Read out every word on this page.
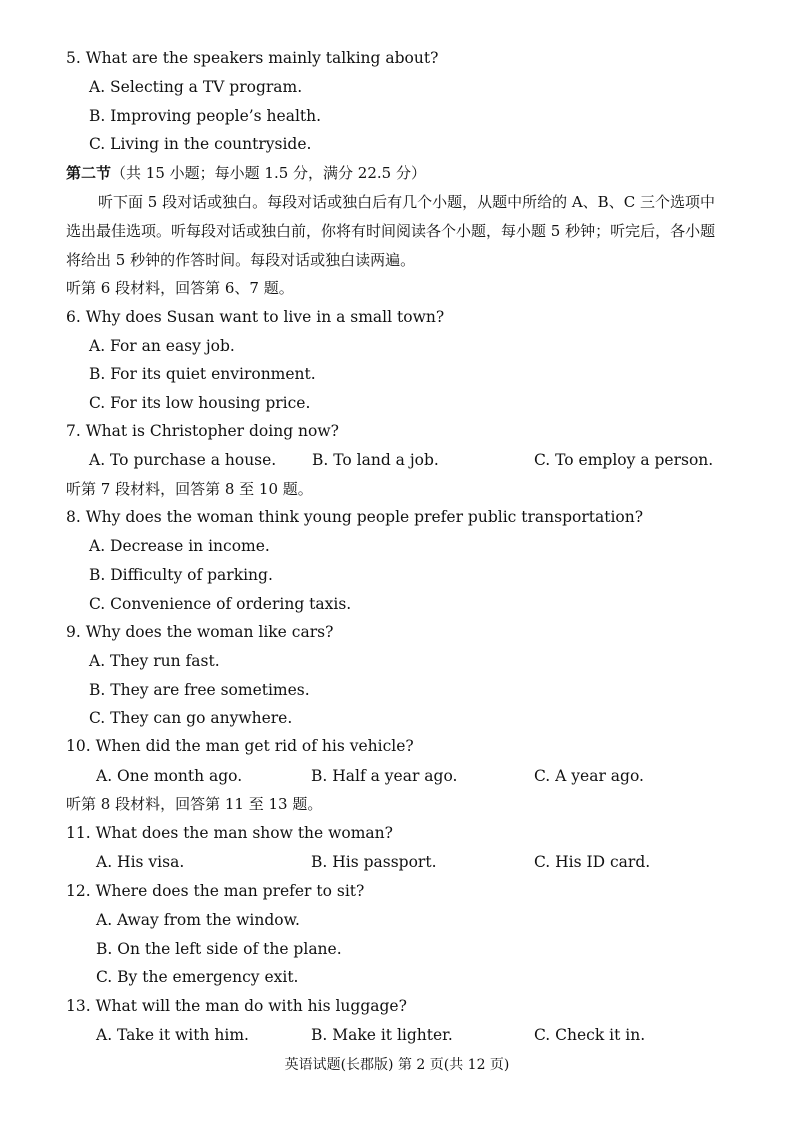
5. What are the speakers mainly talking about?
A. Selecting a TV program.
B. Improving people’s health.
C. Living in the countryside.
第二节（共 15 小题；每小题 1.5 分，满分 22.5 分）
听下面 5 段对话或独白。每段对话或独白后有几个小题，从题中所给的 A、B、C 三个选项中
选出最佳选项。听每段对话或独白前，你将有时间阅读各个小题，每小题 5 秒钟；听完后，各小题
将给出 5 秒钟的作答时间。每段对话或独白读两遍。
听第 6 段材料，回答第 6、7 题。
6. Why does Susan want to live in a small town?
A. For an easy job.
B. For its quiet environment.
C. For its low housing price.
7. What is Christopher doing now?
A. To purchase a house. B. To land a job.	C. To employ a person.
听第 7 段材料，回答第 8 至 10 题。
8. Why does the woman think young people prefer public transportation?
A. Decrease in income.
B. Difficulty of parking.
C. Convenience of ordering taxis.
9. Why does the woman like cars?
A. They run fast.
B. They are free sometimes.
C. They can go anywhere.
10. When did the man get rid of his vehicle?
A. One month ago.	B. Half a year ago.	C. A year ago.
听第 8 段材料，回答第 11 至 13 题。
11. What does the man show the woman?
A. His visa.	B. His passport.	C. His ID card.
12. Where does the man prefer to sit?
A. Away from the window.
B. On the left side of the plane.
C. By the emergency exit.
13. What will the man do with his luggage?
A. Take it with him.	B. Make it lighter.	C. Check it in.
英语试题(长郡版) 第 2 页(共 12 页)
